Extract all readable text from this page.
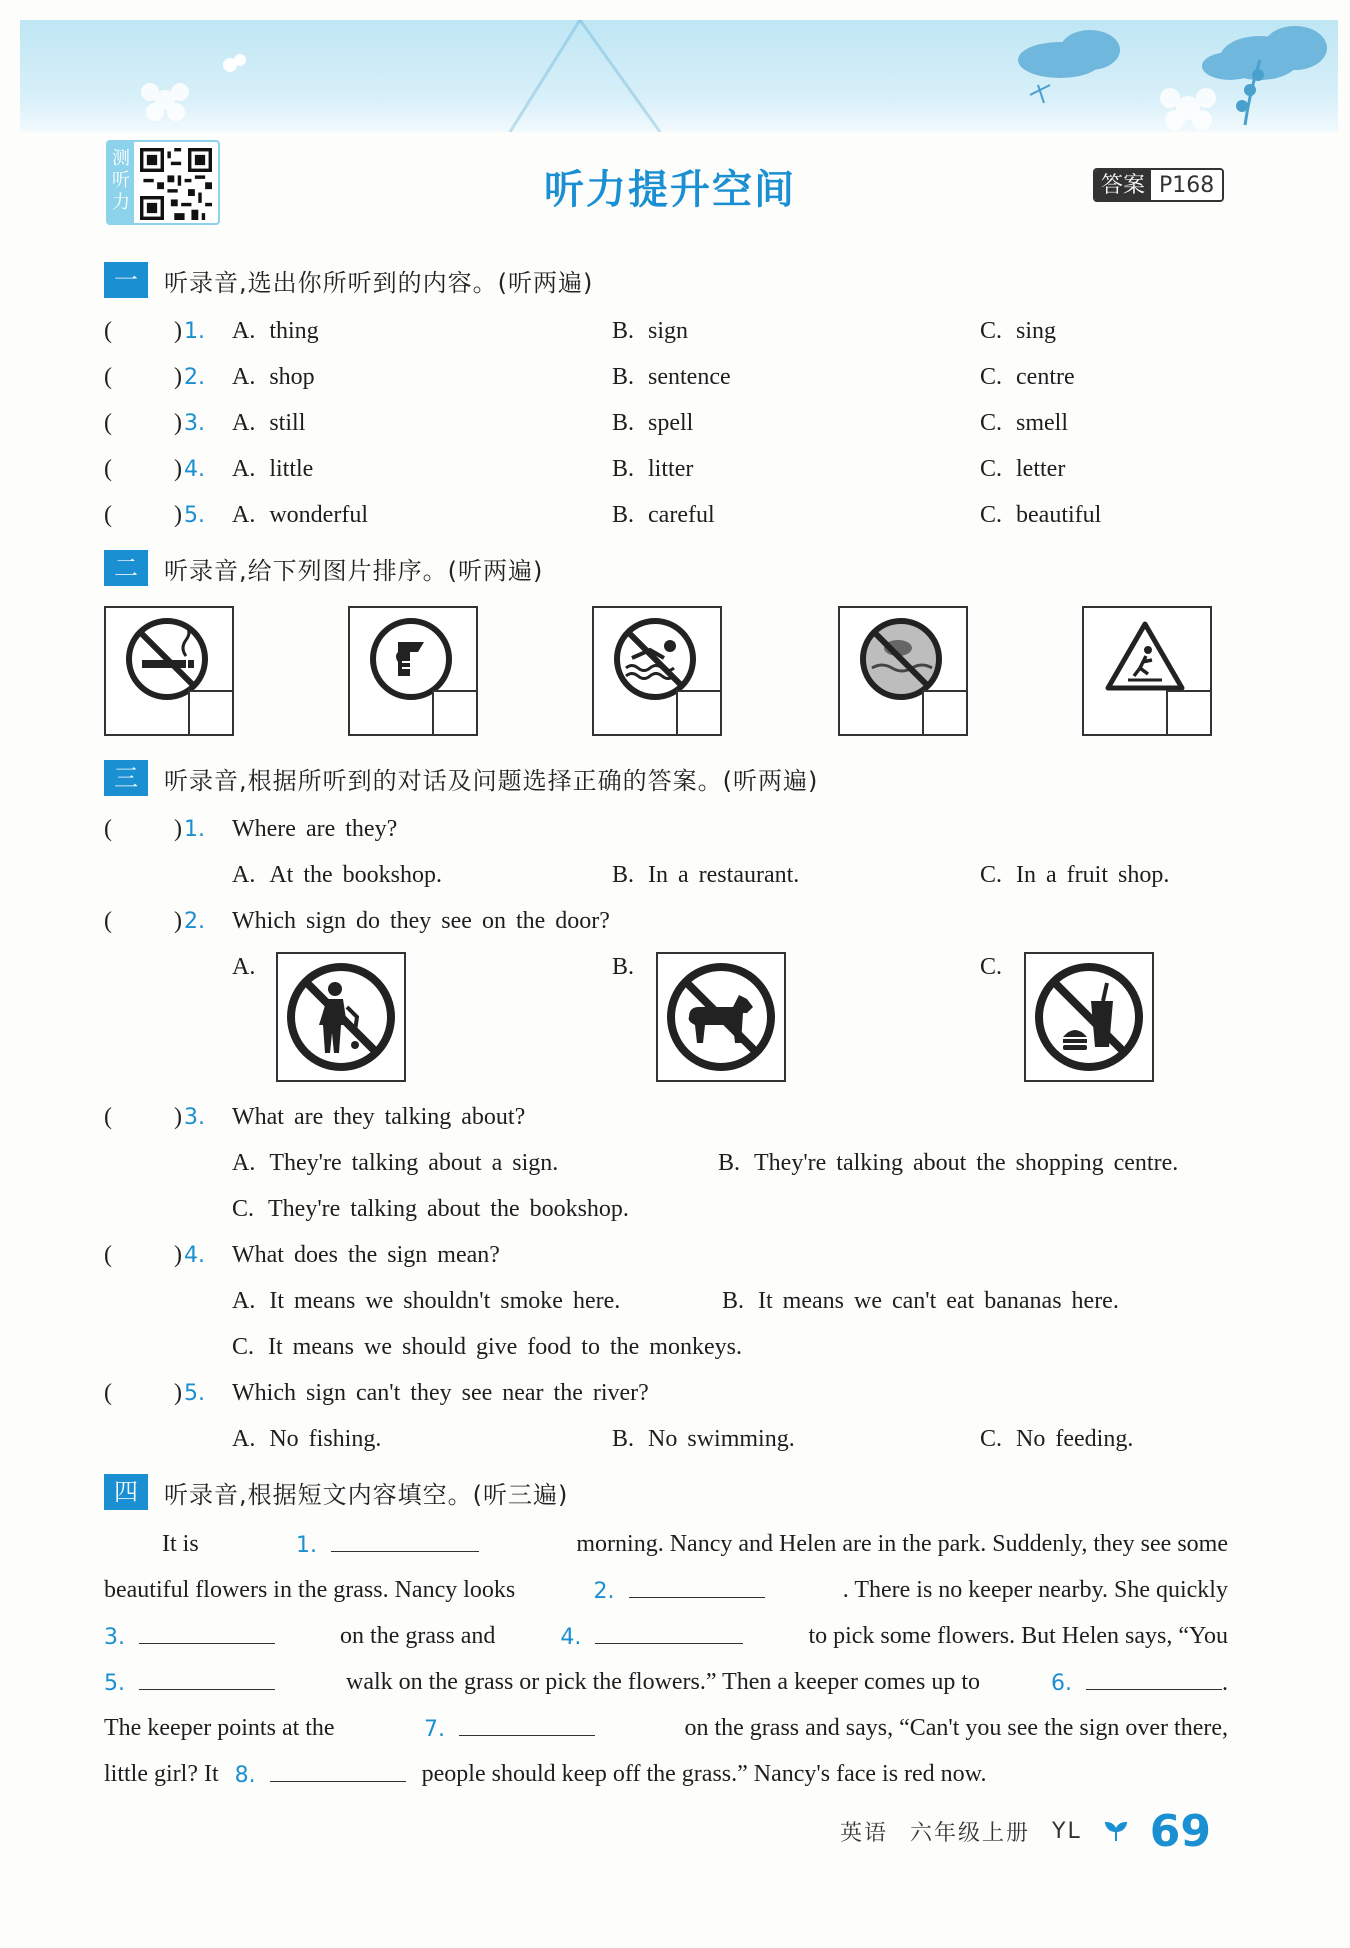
测
听
力	听力提升空间	答案 P168
一	听录音,选出你所听到的内容。(听两遍)
(	)1. A. thing	B. sign	C. sing
(	)2. A. shop	B. sentence	C. centre
(	)3. A. still	B. spell	C. smell
(	)4. A. little	B. litter	C. letter
(	)5. A. wonderful	B. careful	C. beautiful
二	听录音,给下列图片排序。(听两遍)
三	听录音,根据所听到的对话及问题选择正确的答案。(听两遍)
(	)1. Where are they?
A. At the bookshop.	B. In a restaurant.	C. In a fruit shop.
(	)2. Which sign do they see on the door?
A.	B.	C.
(	)3. What are they talking about?
A. They're talking about a sign.	B. They're talking about the shopping centre.
C. They're talking about the bookshop.
(	)4. What does the sign mean?
A. It means we shouldn't smoke here.	B. It means we can't eat bananas here.
C. It means we should give food to the monkeys.
(	)5. Which sign can't they see near the river?
A. No fishing.	B. No swimming.	C. No feeding.
四	听录音,根据短文内容填空。(听三遍)
It is	1.	morning. Nancy and Helen are in the park. Suddenly, they see some
beautiful flowers in the grass. Nancy looks	2.	. There is no keeper nearby. She quickly
3.	on the grass and	4.	to pick some flowers. But Helen says, “You
5.	walk on the grass or pick the flowers.” Then a keeper comes up to	6.	.
The keeper points at the	7.	on the grass and says, “Can't you see the sign over there,
little girl? It 8.	people should keep off the grass.” Nancy's face is red now.
英语 六年级上册 YL 69
